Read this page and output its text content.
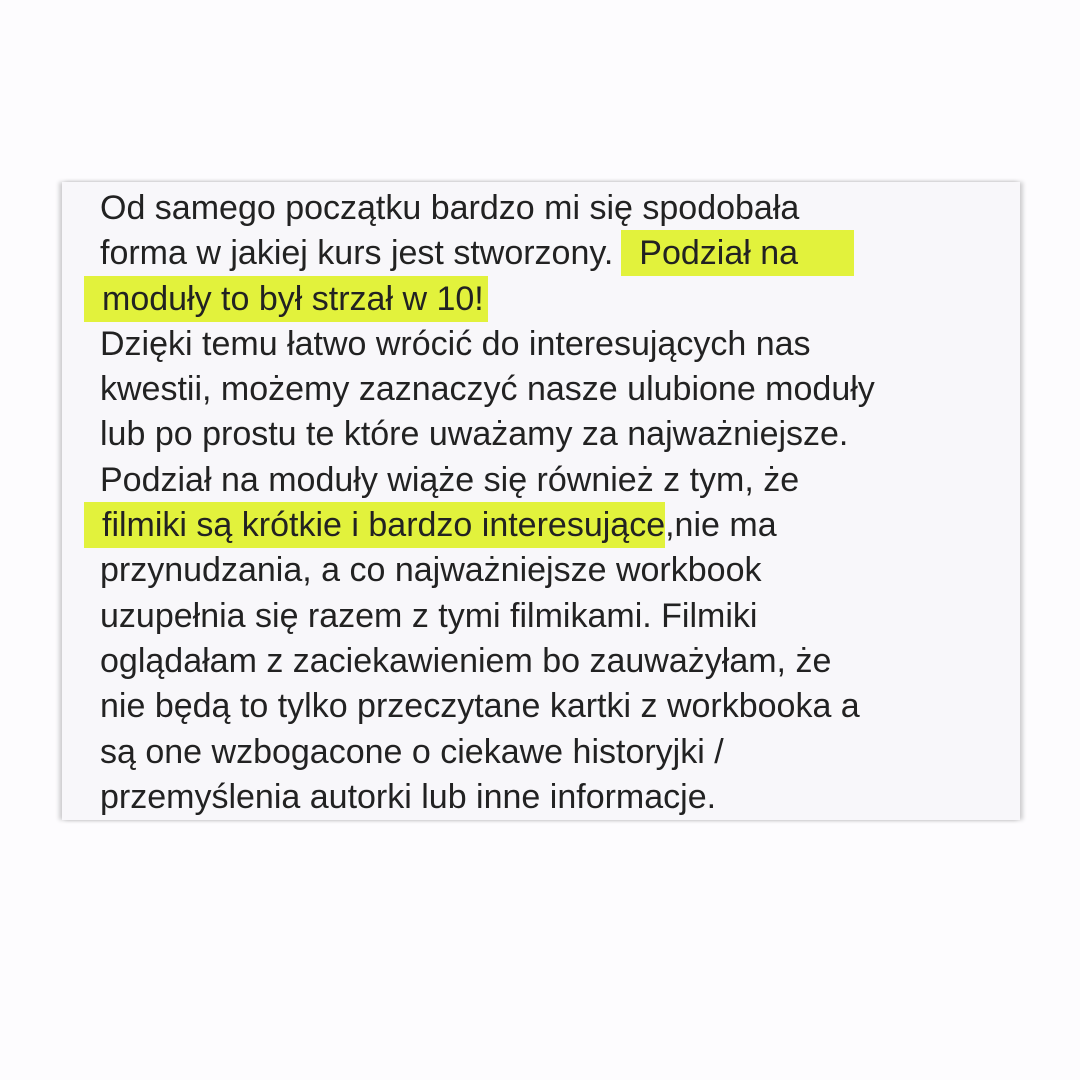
Od samego początku bardzo mi się spodobała
forma w jakiej kurs jest stworzony. Podział na
moduły to był strzał w 10!
Dzięki temu łatwo wrócić do interesujących nas
kwestii, możemy zaznaczyć nasze ulubione moduły
lub po prostu te które uważamy za najważniejsze.
Podział na moduły wiąże się również z tym, że
filmiki są krótkie i bardzo interesujące,nie ma
przynudzania, a co najważniejsze workbook
uzupełnia się razem z tymi filmikami. Filmiki
oglądałam z zaciekawieniem bo zauważyłam, że
nie będą to tylko przeczytane kartki z workbooka a
są one wzbogacone o ciekawe historyjki /
przemyślenia autorki lub inne informacje.
